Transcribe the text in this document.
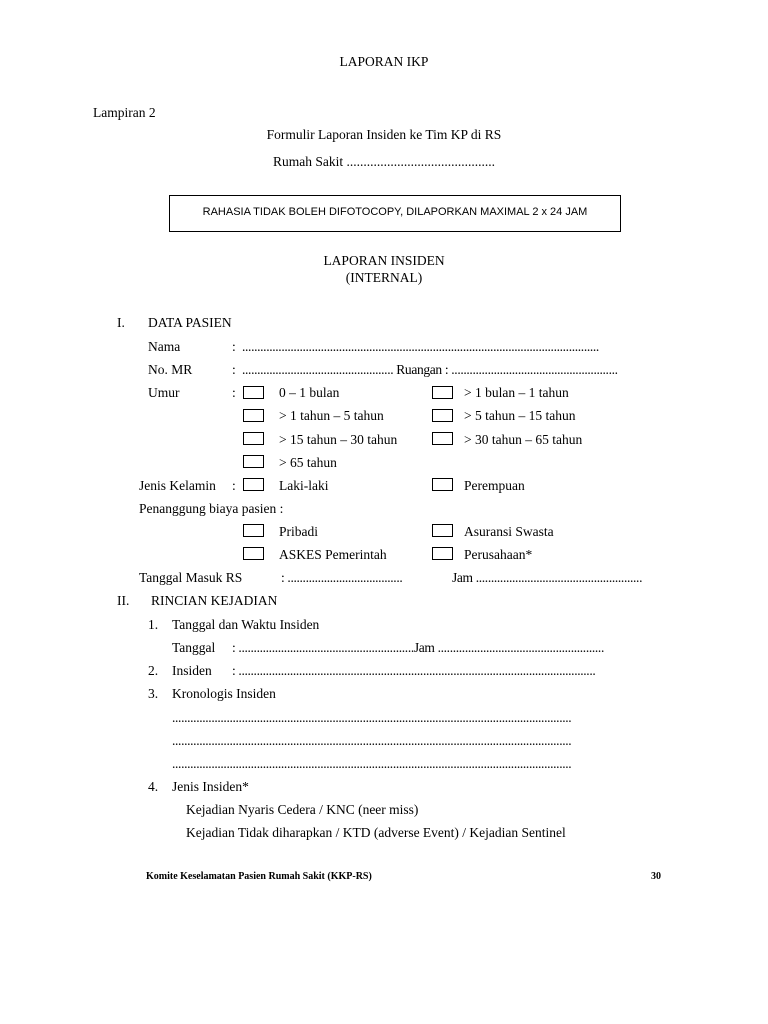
LAPORAN IKP
Lampiran 2
Formulir Laporan Insiden ke Tim KP di RS
Rumah Sakit ............................................
RAHASIA TIDAK BOLEH DIFOTOCOPY, DILAPORKAN MAXIMAL 2 x 24 JAM
LAPORAN INSIDEN
(INTERNAL)
I. DATA PASIEN
Nama	: ......................................................................................................................
No. MR	: .................................................. Ruangan : .......................................................
Umur	:	0 – 1 bulan	> 1 bulan – 1 tahun
> 1 tahun – 5 tahun	> 5 tahun – 15 tahun
> 15 tahun – 30 tahun	> 30 tahun – 65 tahun
> 65 tahun
Jenis Kelamin :	Laki-laki	Perempuan
Penanggung biaya pasien :
Pribadi	Asuransi Swasta
ASKES Pemerintah	Perusahaan*
Tanggal Masuk RS	: ......................................	Jam .......................................................
II. RINCIAN KEJADIAN
1. Tanggal dan Waktu Insiden
Tanggal : ..........................................................Jam .......................................................
2. Insiden : ......................................................................................................................
3. Kronologis Insiden
....................................................................................................................................
....................................................................................................................................
....................................................................................................................................
4. Jenis Insiden*
Kejadian Nyaris Cedera / KNC (neer miss)
Kejadian Tidak diharapkan / KTD (adverse Event) / Kejadian Sentinel
Komite Keselamatan Pasien Rumah Sakit (KKP-RS)	30
